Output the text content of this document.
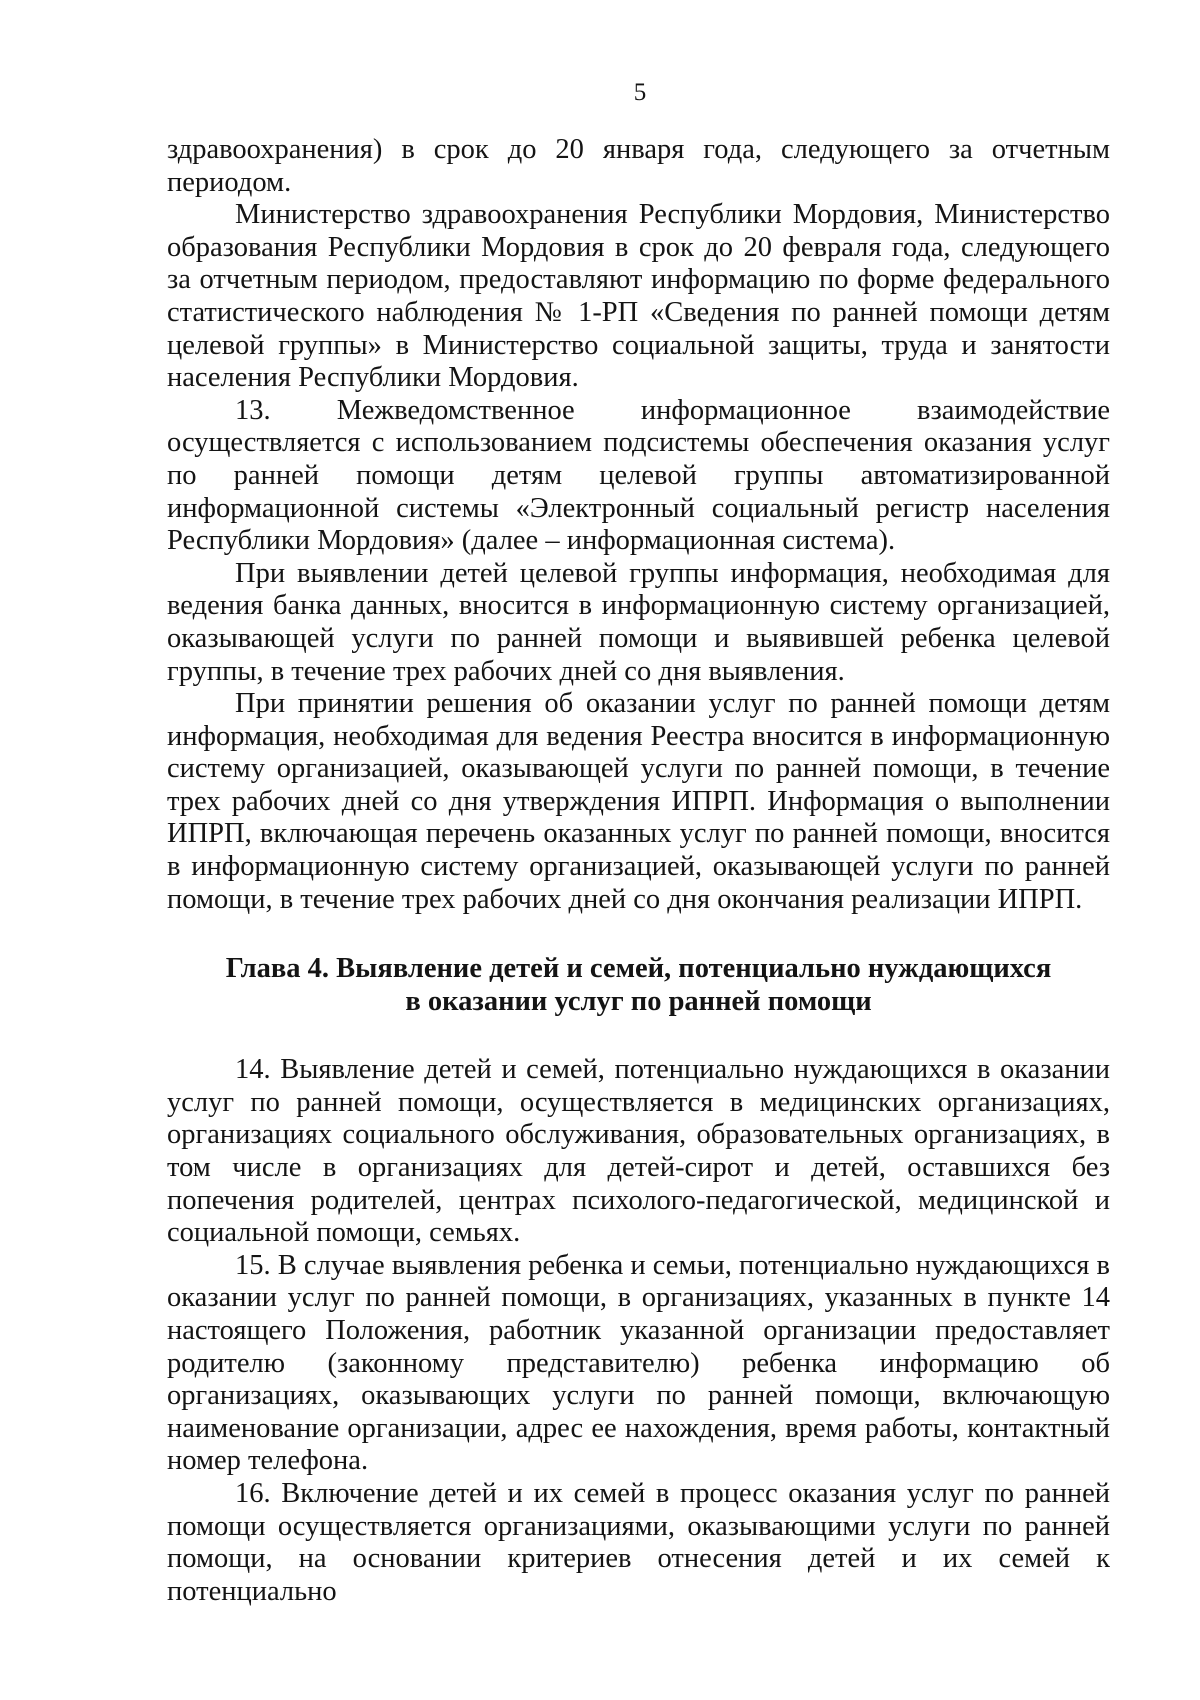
5

здравоохранения) в срок до 20 января года, следующего за отчетным периодом.

Министерство здравоохранения Республики Мордовия, Министерство образования Республики Мордовия в срок до 20 февраля года, следующего за отчетным периодом, предоставляют информацию по форме федерального статистического наблюдения № 1-РП «Сведения по ранней помощи детям целевой группы» в Министерство социальной защиты, труда и занятости населения Республики Мордовия.

13. Межведомственное информационное взаимодействие осуществляется с использованием подсистемы обеспечения оказания услуг по ранней помощи детям целевой группы автоматизированной информационной системы «Электронный социальный регистр населения Республики Мордовия» (далее – информационная система).

При выявлении детей целевой группы информация, необходимая для ведения банка данных, вносится в информационную систему организацией, оказывающей услуги по ранней помощи и выявившей ребенка целевой группы, в течение трех рабочих дней со дня выявления.

При принятии решения об оказании услуг по ранней помощи детям информация, необходимая для ведения Реестра вносится в информационную систему организацией, оказывающей услуги по ранней помощи, в течение трех рабочих дней со дня утверждения ИПРП. Информация о выполнении ИПРП, включающая перечень оказанных услуг по ранней помощи, вносится в информационную систему организацией, оказывающей услуги по ранней помощи, в течение трех рабочих дней со дня окончания реализации ИПРП.

Глава 4. Выявление детей и семей, потенциально нуждающихся
в оказании услуг по ранней помощи

14. Выявление детей и семей, потенциально нуждающихся в оказании услуг по ранней помощи, осуществляется в медицинских организациях, организациях социального обслуживания, образовательных организациях, в том числе в организациях для детей-сирот и детей, оставшихся без попечения родителей, центрах психолого-педагогической, медицинской и социальной помощи, семьях.

15. В случае выявления ребенка и семьи, потенциально нуждающихся в оказании услуг по ранней помощи, в организациях, указанных в пункте 14 настоящего Положения, работник указанной организации предоставляет родителю (законному представителю) ребенка информацию об организациях, оказывающих услуги по ранней помощи, включающую наименование организации, адрес ее нахождения, время работы, контактный номер телефона.

16. Включение детей и их семей в процесс оказания услуг по ранней помощи осуществляется организациями, оказывающими услуги по ранней помощи, на основании критериев отнесения детей и их семей к потенциально
